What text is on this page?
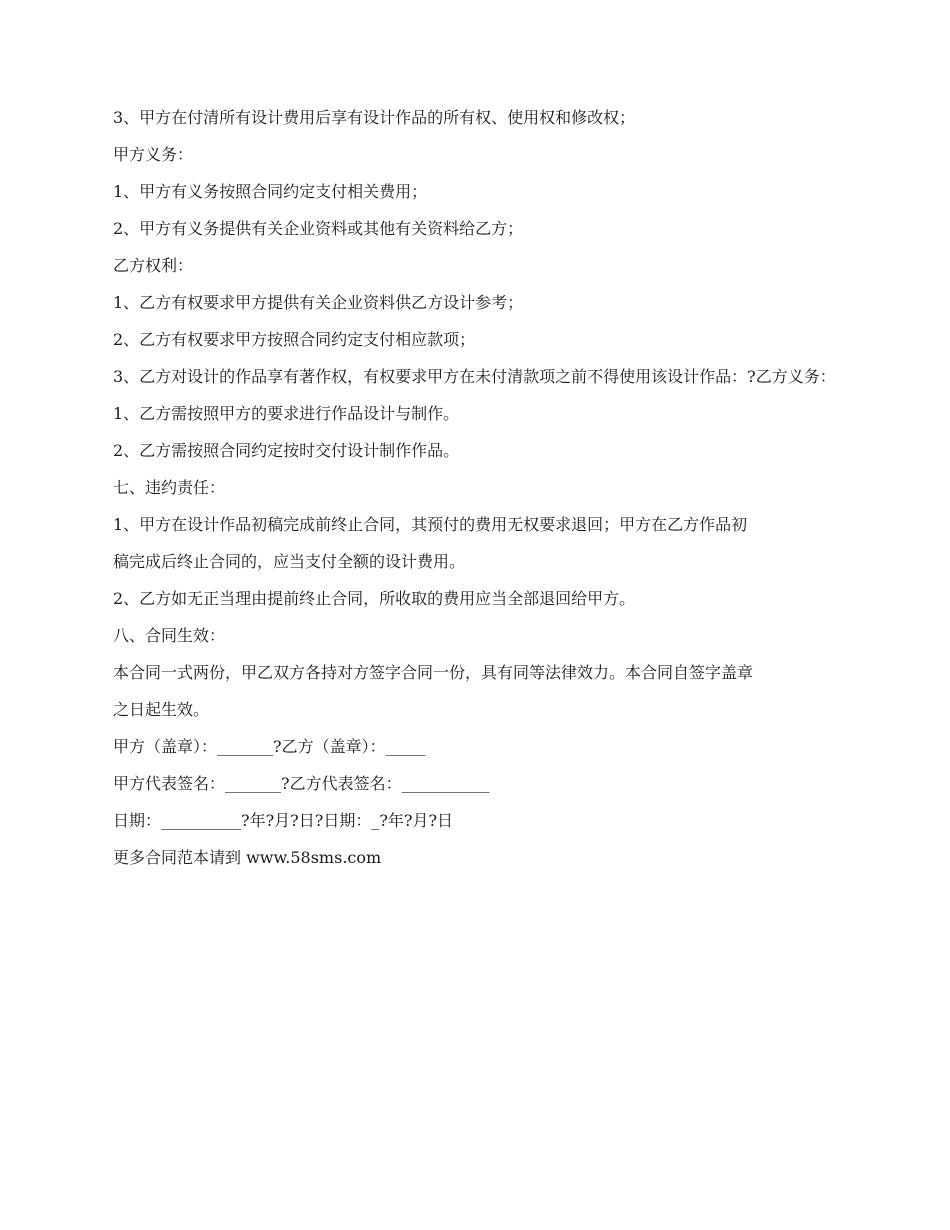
3、甲方在付清所有设计费用后享有设计作品的所有权、使用权和修改权；

甲方义务：

1、甲方有义务按照合同约定支付相关费用；

2、甲方有义务提供有关企业资料或其他有关资料给乙方；

乙方权利：

1、乙方有权要求甲方提供有关企业资料供乙方设计参考；

2、乙方有权要求甲方按照合同约定支付相应款项；

3、乙方对设计的作品享有著作权，有权要求甲方在未付清款项之前不得使用该设计作品：?乙方义务：

1、乙方需按照甲方的要求进行作品设计与制作。

2、乙方需按照合同约定按时交付设计制作作品。

七、违约责任：

1、甲方在设计作品初稿完成前终止合同，其预付的费用无权要求退回；甲方在乙方作品初

稿完成后终止合同的，应当支付全额的设计费用。

2、乙方如无正当理由提前终止合同，所收取的费用应当全部退回给甲方。

八、合同生效：

本合同一式两份，甲乙双方各持对方签字合同一份，具有同等法律效力。本合同自签字盖章

之日起生效。

甲方（盖章）：_______?乙方（盖章）：_____

甲方代表签名：_______?乙方代表签名：___________

日期：__________?年?月?日?日期：_?年?月?日

更多合同范本请到 www.58sms.com
